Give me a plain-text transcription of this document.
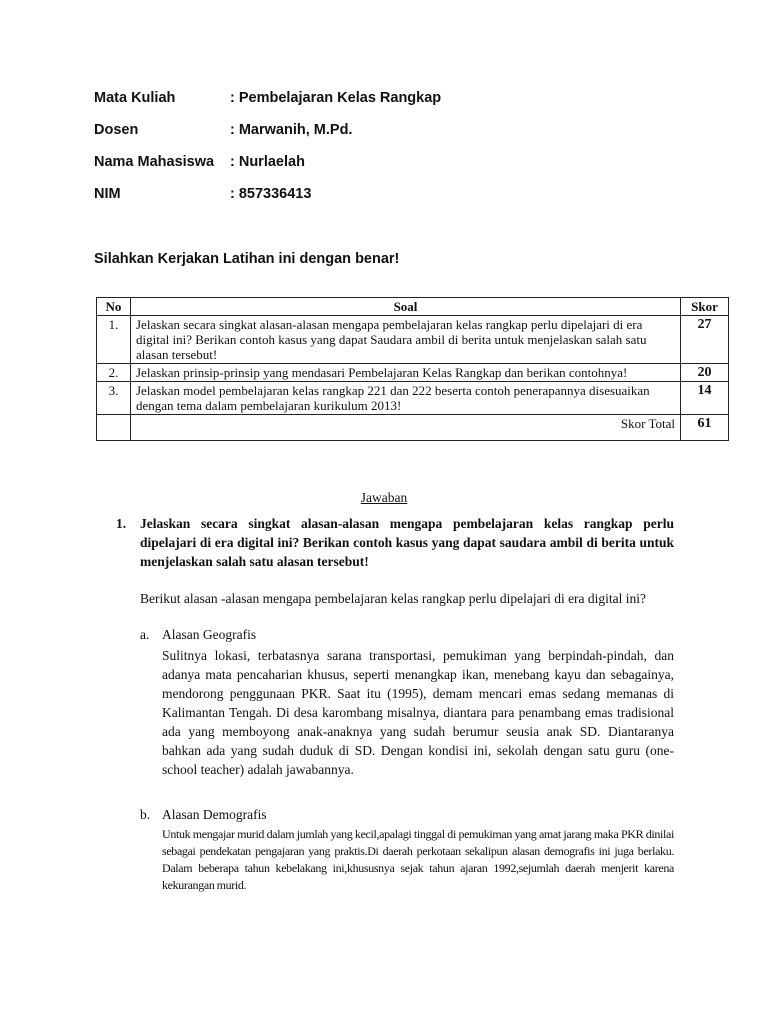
Mata Kuliah	: Pembelajaran Kelas Rangkap
Dosen	: Marwanih, M.Pd.
Nama Mahasiswa : Nurlaelah
NIM	: 857336413
Silahkan Kerjakan Latihan ini dengan benar!
No	Soal	Skor
1.	Jelaskan secara singkat alasan-alasan mengapa pembelajaran kelas rangkap perlu dipelajari di era digital ini? Berikan contoh kasus yang dapat Saudara ambil di berita untuk menjelaskan salah satu alasan tersebut!	27
2.	Jelaskan prinsip-prinsip yang mendasari Pembelajaran Kelas Rangkap dan berikan contohnya!	20
3.	Jelaskan model pembelajaran kelas rangkap 221 dan 222 beserta contoh penerapannya disesuaikan dengan tema dalam pembelajaran kurikulum 2013!	14
	Skor Total	61
Jawaban
1. Jelaskan secara singkat alasan-alasan mengapa pembelajaran kelas rangkap perlu dipelajari di era digital ini? Berikan contoh kasus yang dapat saudara ambil di berita untuk menjelaskan salah satu alasan tersebut!
Berikut alasan -alasan mengapa pembelajaran kelas rangkap perlu dipelajari di era digital ini?
a. Alasan Geografis
Sulitnya lokasi, terbatasnya sarana transportasi, pemukiman yang berpindah-pindah, dan adanya mata pencaharian khusus, seperti menangkap ikan, menebang kayu dan sebagainya, mendorong penggunaan PKR. Saat itu (1995), demam mencari emas sedang memanas di Kalimantan Tengah. Di desa karombang misalnya, diantara para penambang emas tradisional ada yang memboyong anak-anaknya yang sudah berumur seusia anak SD. Diantaranya bahkan ada yang sudah duduk di SD. Dengan kondisi ini, sekolah dengan satu guru (one-school teacher) adalah jawabannya.
b. Alasan Demografis
Untuk mengajar murid dalam jumlah yang kecil,apalagi tinggal di pemukiman yang amat jarang maka PKR dinilai sebagai pendekatan pengajaran yang praktis.Di daerah perkotaan sekalipun alasan demografis ini juga berlaku. Dalam beberapa tahun kebelakang ini,khususnya sejak tahun ajaran 1992,sejumlah daerah menjerit karena kekurangan murid.
